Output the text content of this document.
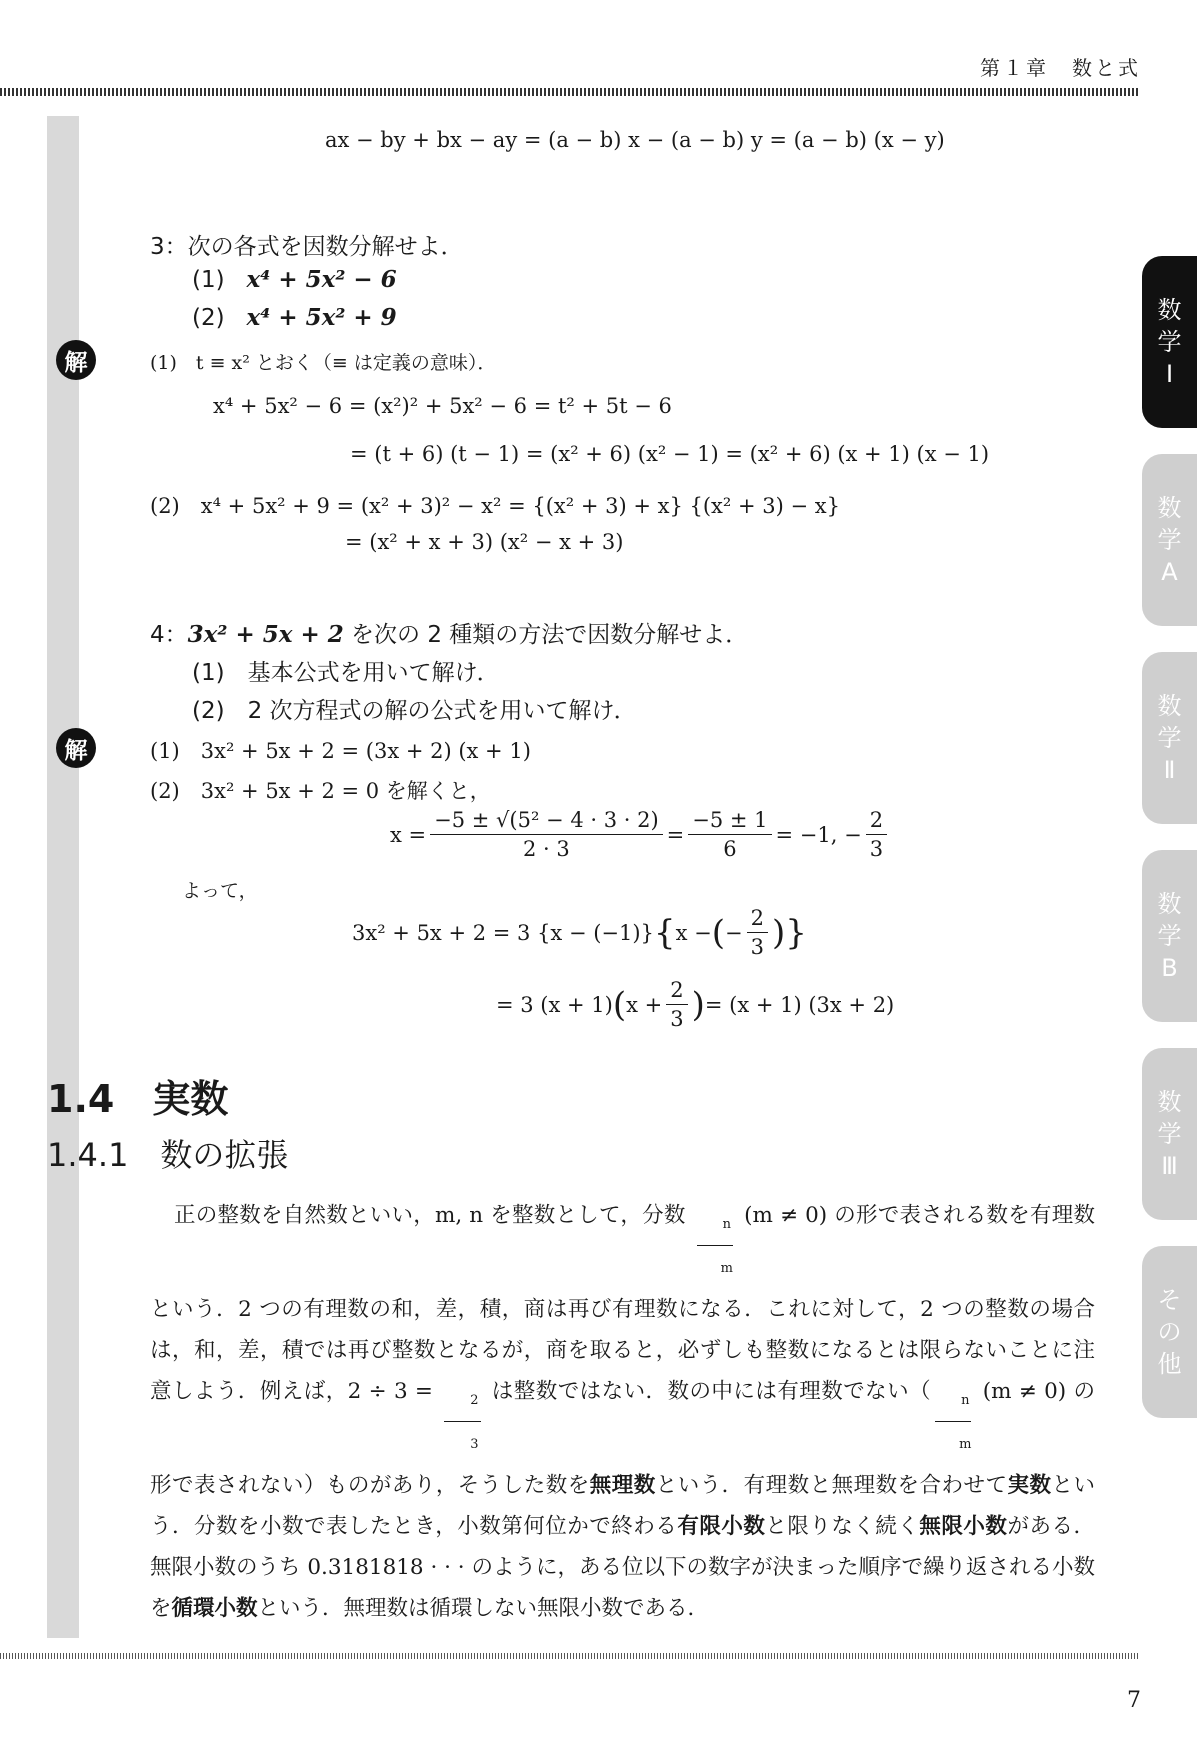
第１章　数と式
数学Ⅰ
数学A
数学Ⅱ
数学B
数学Ⅲ
その他
ax − by + bx − ay = (a − b) x − (a − b) y = (a − b) (x − y)
3：次の各式を因数分解せよ．
(1) x⁴ + 5x² − 6
(2) x⁴ + 5x² + 9
解	(1)　t ≡ x² とおく（≡ は定義の意味）．
x⁴ + 5x² − 6 = (x²)² + 5x² − 6 = t² + 5t − 6
= (t + 6) (t − 1) = (x² + 6) (x² − 1) = (x² + 6) (x + 1) (x − 1)
(2)　x⁴ + 5x² + 9 = (x² + 3)² − x² = {(x² + 3) + x} {(x² + 3) − x}
= (x² + x + 3) (x² − x + 3)
4：3x² + 5x + 2 を次の 2 種類の方法で因数分解せよ．
(1)　基本公式を用いて解け．
(2)　2 次方程式の解の公式を用いて解け．
解	(1)　3x² + 5x + 2 = (3x + 2) (x + 1)
(2)　3x² + 5x + 2 = 0 を解くと，
$x = \frac{\text{−5 ± √(5² − 4 · 3 · 2)}}{2 \cdot 3} = \frac{-5 \pm 1}{6} = -1$, − $\frac{2}{3}$
よって，
3x² + 5x + 2 = 3 {x − (−1)} { x − ( − $\frac{2}{3}$ ) }
= 3 (x + 1) ( $x + \frac{2}{3}$ ) = (x + 1) (3x + 2)
1.4　実数
1.4.1　数の拡張
正の整数を自然数といい，m, n を整数として，分数 $\frac{n}{m} (m \ne 0)$ の形で表される数を有理数という．2 つの有理数の和，差，積，商は再び有理数になる．これに対して，2 つの整数の場合は，和，差，積では再び整数となるが，商を取ると，必ずしも整数になるとは限らないことに注意しよう．例えば，$2 \div 3 = \frac{2}{3}$ は整数ではない．数の中には有理数でない（ $\frac{n}{m} (m \ne 0)$ の形で表されない）ものがあり，そうした数を無理数という．有理数と無理数を合わせて実数という．分数を小数で表したとき，小数第何位かで終わる有限小数と限りなく続く無限小数がある．無限小数のうち 0.3181818 · · · のように，ある位以下の数字が決まった順序で繰り返される小数を循環小数という．無理数は循環しない無限小数である．
7
